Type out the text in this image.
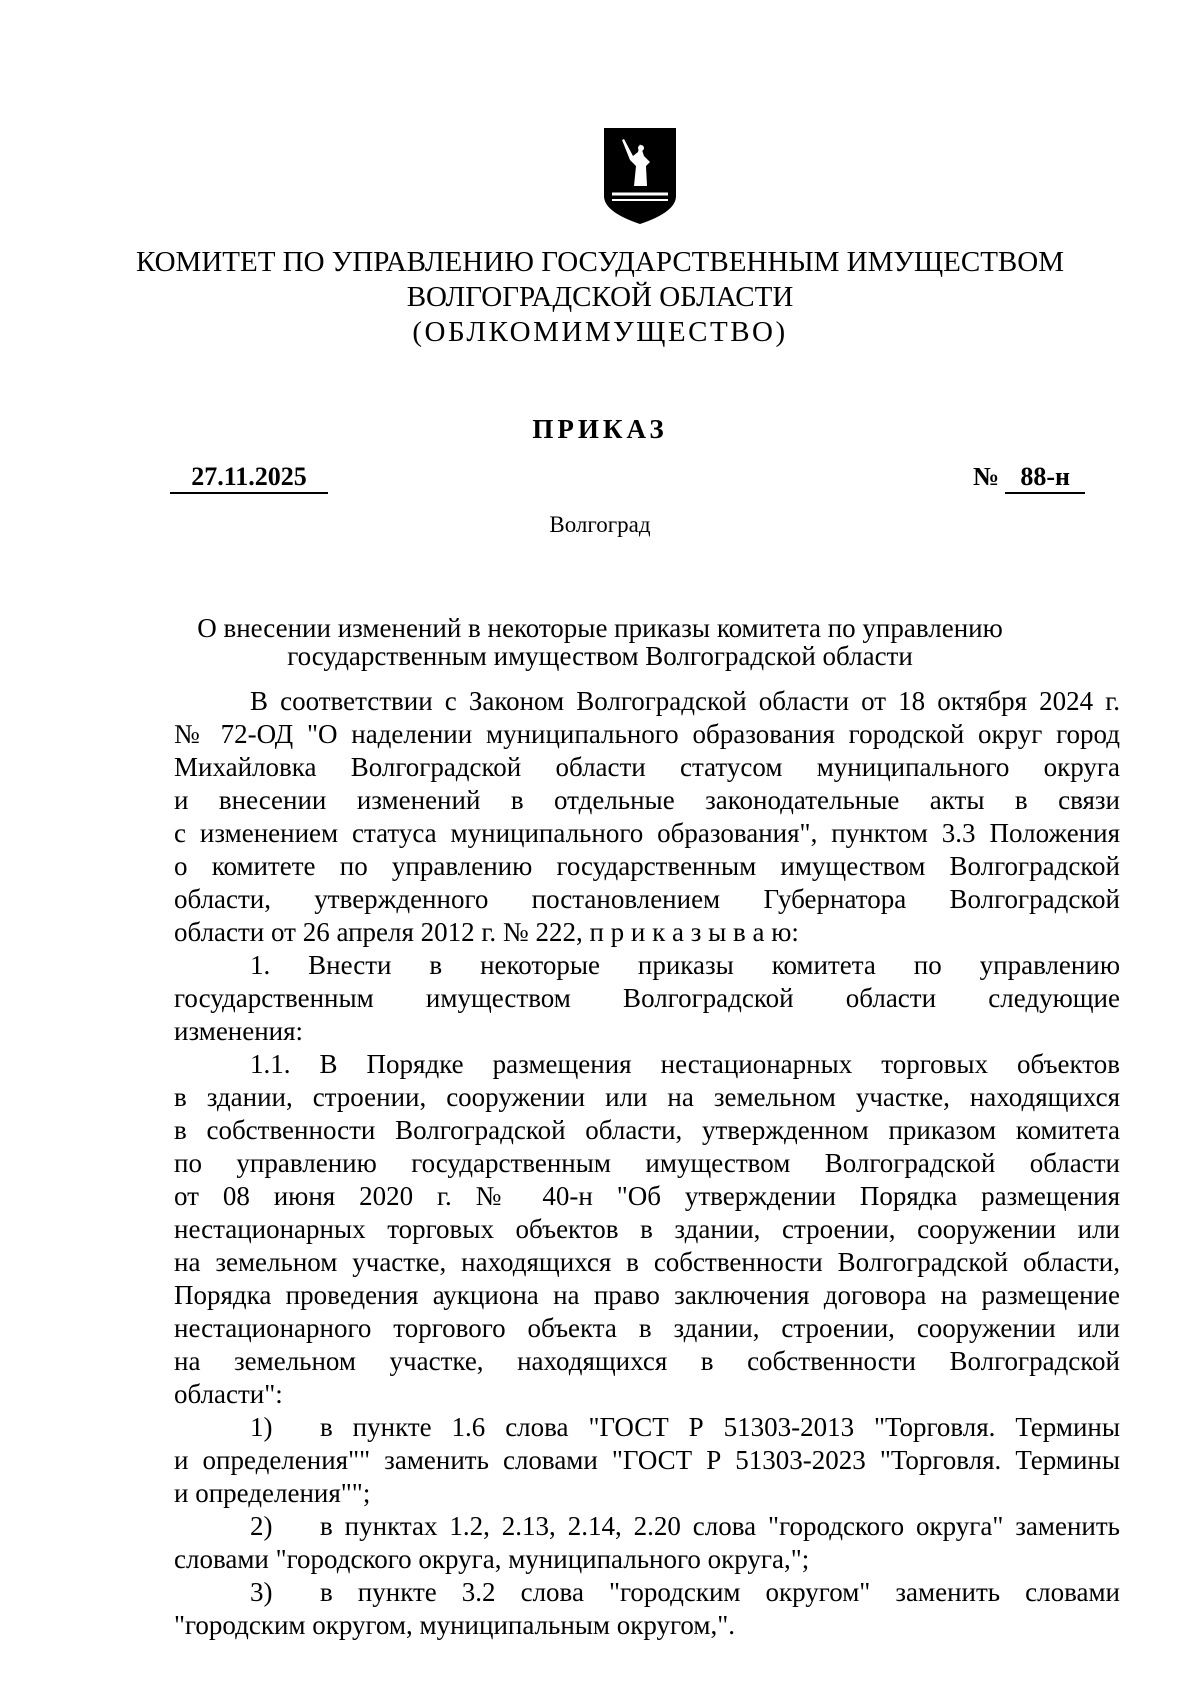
КОМИТЕТ ПО УПРАВЛЕНИЮ ГОСУДАРСТВЕННЫМ ИМУЩЕСТВОМ
ВОЛГОГРАДСКОЙ ОБЛАСТИ
(ОБЛКОМИМУЩЕСТВО)
ПРИКАЗ
27.11.2025	№ 88-н
Волгоград
О внесении изменений в некоторые приказы комитета по управлению
государственным имуществом Волгоградской области
В соответствии с Законом Волгоградской области от 18 октября 2024 г.
№ 72-ОД "О наделении муниципального образования городской округ город
Михайловка Волгоградской области статусом муниципального округа
и внесении изменений в отдельные законодательные акты в связи
с изменением статуса муниципального образования", пунктом 3.3 Положения
о комитете по управлению государственным имуществом Волгоградской
области, утвержденного постановлением Губернатора Волгоградской
области от 26 апреля 2012 г. № 222, п р и к а з ы в а ю:
1. Внести в некоторые приказы комитета по управлению
государственным имуществом Волгоградской области следующие
изменения:
1.1. В Порядке размещения нестационарных торговых объектов
в здании, строении, сооружении или на земельном участке, находящихся
в собственности Волгоградской области, утвержденном приказом комитета
по управлению государственным имуществом Волгоградской области
от 08 июня 2020 г. № 40-н "Об утверждении Порядка размещения
нестационарных торговых объектов в здании, строении, сооружении или
на земельном участке, находящихся в собственности Волгоградской области,
Порядка проведения аукциона на право заключения договора на размещение
нестационарного торгового объекта в здании, строении, сооружении или
на земельном участке, находящихся в собственности Волгоградской
области":
1)	в пункте 1.6 слова "ГОСТ Р 51303-2013 "Торговля. Термины
и определения"" заменить словами "ГОСТ Р 51303-2023 "Торговля. Термины
и определения"";
2)	в пунктах 1.2, 2.13, 2.14, 2.20 слова "городского округа" заменить
словами "городского округа, муниципального округа,";
3)	в пункте 3.2 слова "городским округом" заменить словами
"городским округом, муниципальным округом,".
